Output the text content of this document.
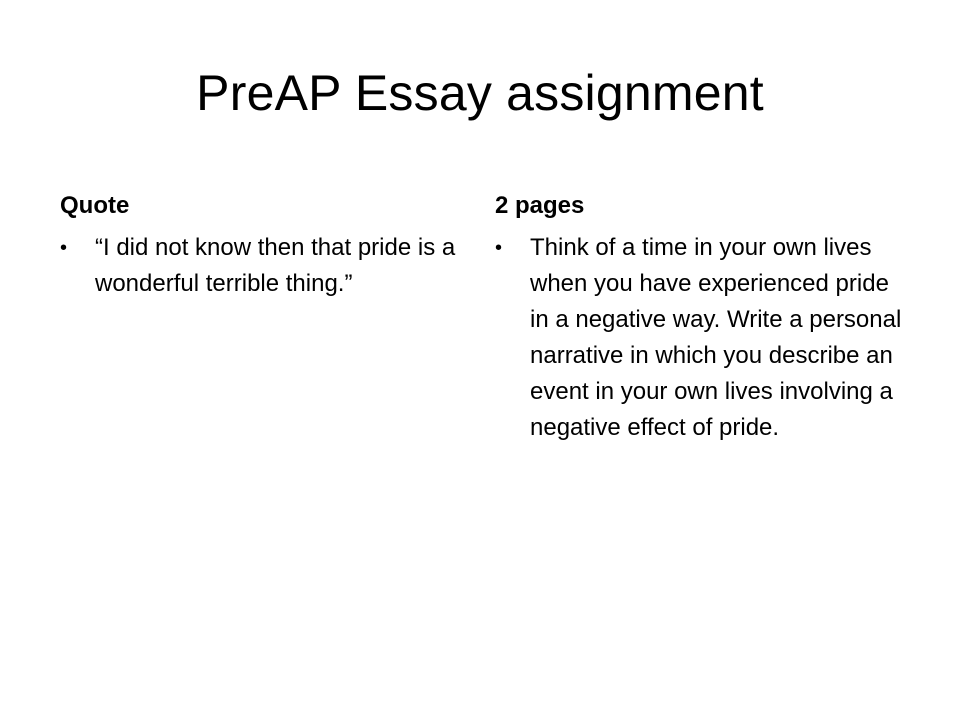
PreAP Essay assignment
Quote
• “I did not know then that pride is a wonderful terrible thing.”
2 pages
• Think of a time in your own lives when you have experienced pride in a negative way. Write a personal narrative in which you describe an event in your own lives involving a negative effect of pride.
